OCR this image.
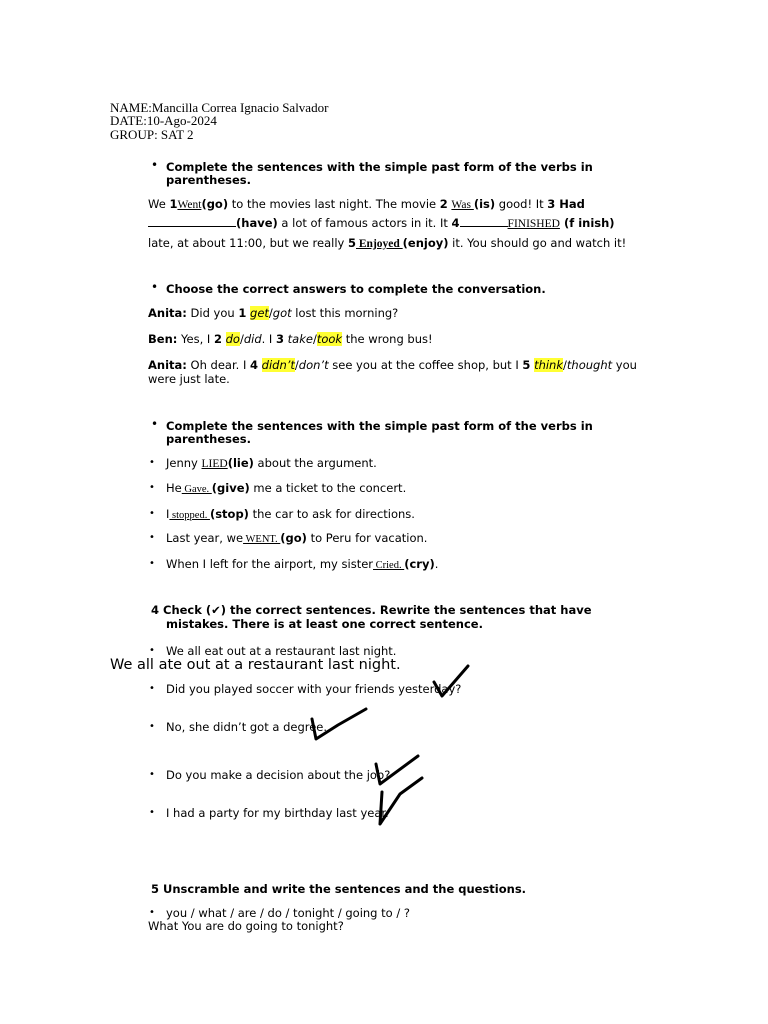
NAME:Mancilla Correa Ignacio Salvador
DATE:10-Ago-2024
GROUP: SAT 2
• Complete the sentences with the simple past form of the verbs in
parentheses.
We 1Went(go) to the movies last night. The movie 2 Was (is) good! It 3 Had
(have) a lot of famous actors in it. It 4	FINISHED (f inish)
late, at about 11:00, but we really 5 Enjoyed (enjoy) it. You should go and watch it!
• Choose the correct answers to complete the conversation.
Anita: Did you 1 get/got lost this morning?
Ben: Yes, I 2 do/did. I 3 take/took the wrong bus!
Anita: Oh dear. I 4 didn’t/don’t see you at the coffee shop, but I 5 think/thought you
were just late.
• Complete the sentences with the simple past form of the verbs in
parentheses.
• Jenny LIED(lie) about the argument.
• He Gave. (give) me a ticket to the concert.
• I stopped. (stop) the car to ask for directions.
• Last year, we WENT. (go) to Peru for vacation.
• When I left for the airport, my sister Cried. (cry).
4 Check (✔) the correct sentences. Rewrite the sentences that have
mistakes. There is at least one correct sentence.
• We all eat out at a restaurant last night.
We all ate out at a restaurant last night.
• Did you played soccer with your friends yesterday?
• No, she didn’t got a degree.
• Do you make a decision about the job?
• I had a party for my birthday last year.
5 Unscramble and write the sentences and the questions.
• you / what / are / do / tonight / going to / ?
What You are do going to tonight?
